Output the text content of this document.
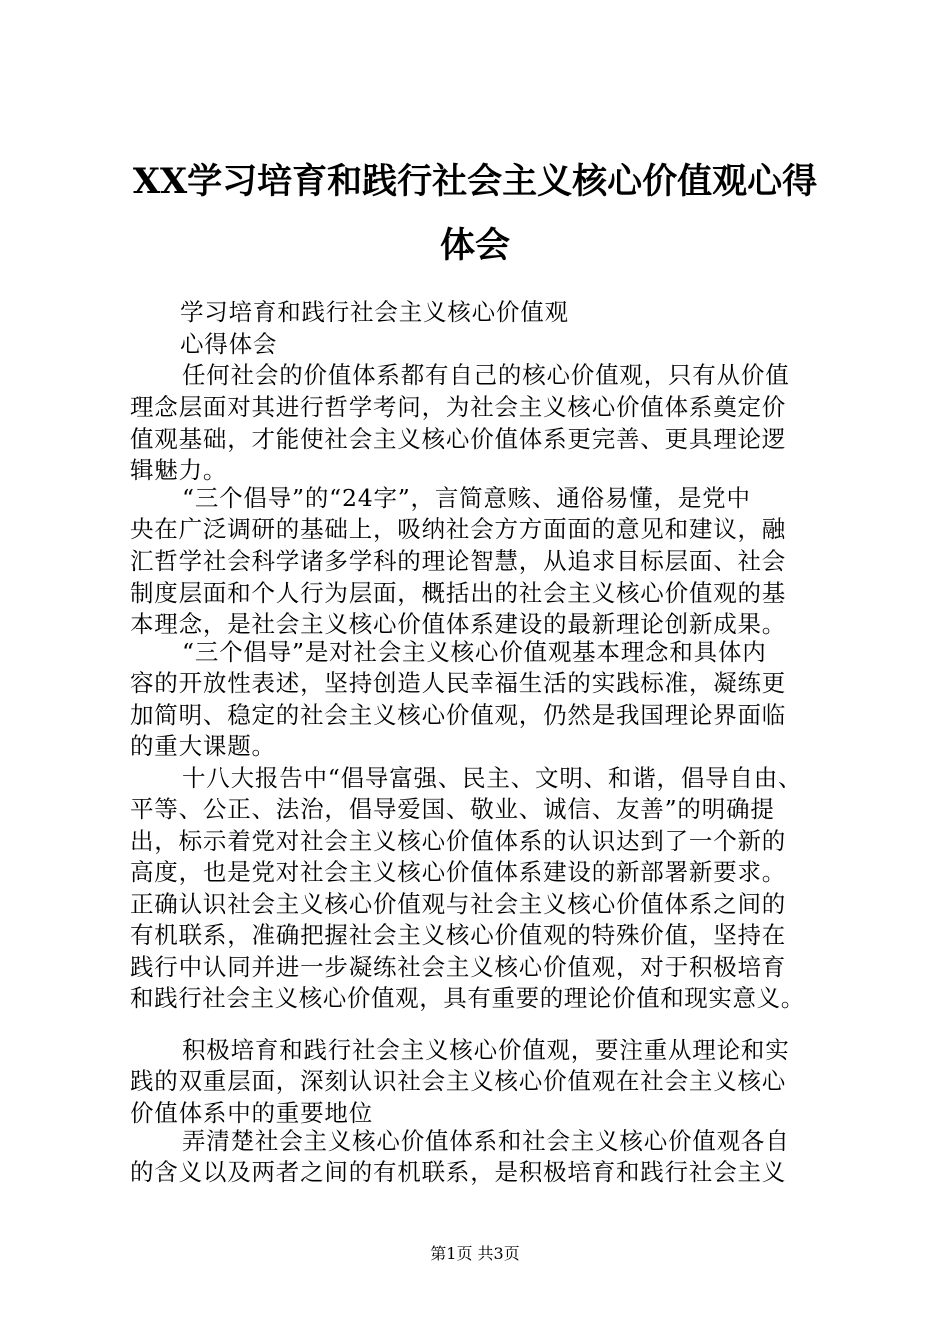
XX学习培育和践行社会主义核心价值观心得
体会
学习培育和践行社会主义核心价值观
心得体会
任何社会的价值体系都有自己的核心价值观，只有从价值
理念层面对其进行哲学考问，为社会主义核心价值体系奠定价
值观基础，才能使社会主义核心价值体系更完善、更具理论逻
辑魅力。
“三个倡导”的“24字”，言简意赅、通俗易懂，是党中
央在广泛调研的基础上，吸纳社会方方面面的意见和建议，融
汇哲学社会科学诸多学科的理论智慧，从追求目标层面、社会
制度层面和个人行为层面，概括出的社会主义核心价值观的基
本理念，是社会主义核心价值体系建设的最新理论创新成果。
“三个倡导”是对社会主义核心价值观基本理念和具体内
容的开放性表述，坚持创造人民幸福生活的实践标准，凝练更
加简明、稳定的社会主义核心价值观，仍然是我国理论界面临
的重大课题。
十八大报告中“倡导富强、民主、文明、和谐，倡导自由、
平等、公正、法治，倡导爱国、敬业、诚信、友善”的明确提
出，标示着党对社会主义核心价值体系的认识达到了一个新的
高度，也是党对社会主义核心价值体系建设的新部署新要求。
正确认识社会主义核心价值观与社会主义核心价值体系之间的
有机联系，准确把握社会主义核心价值观的特殊价值，坚持在
践行中认同并进一步凝练社会主义核心价值观，对于积极培育
和践行社会主义核心价值观，具有重要的理论价值和现实意义。
积极培育和践行社会主义核心价值观，要注重从理论和实
践的双重层面，深刻认识社会主义核心价值观在社会主义核心
价值体系中的重要地位
弄清楚社会主义核心价值体系和社会主义核心价值观各自
的含义以及两者之间的有机联系，是积极培育和践行社会主义
第1页 共3页
